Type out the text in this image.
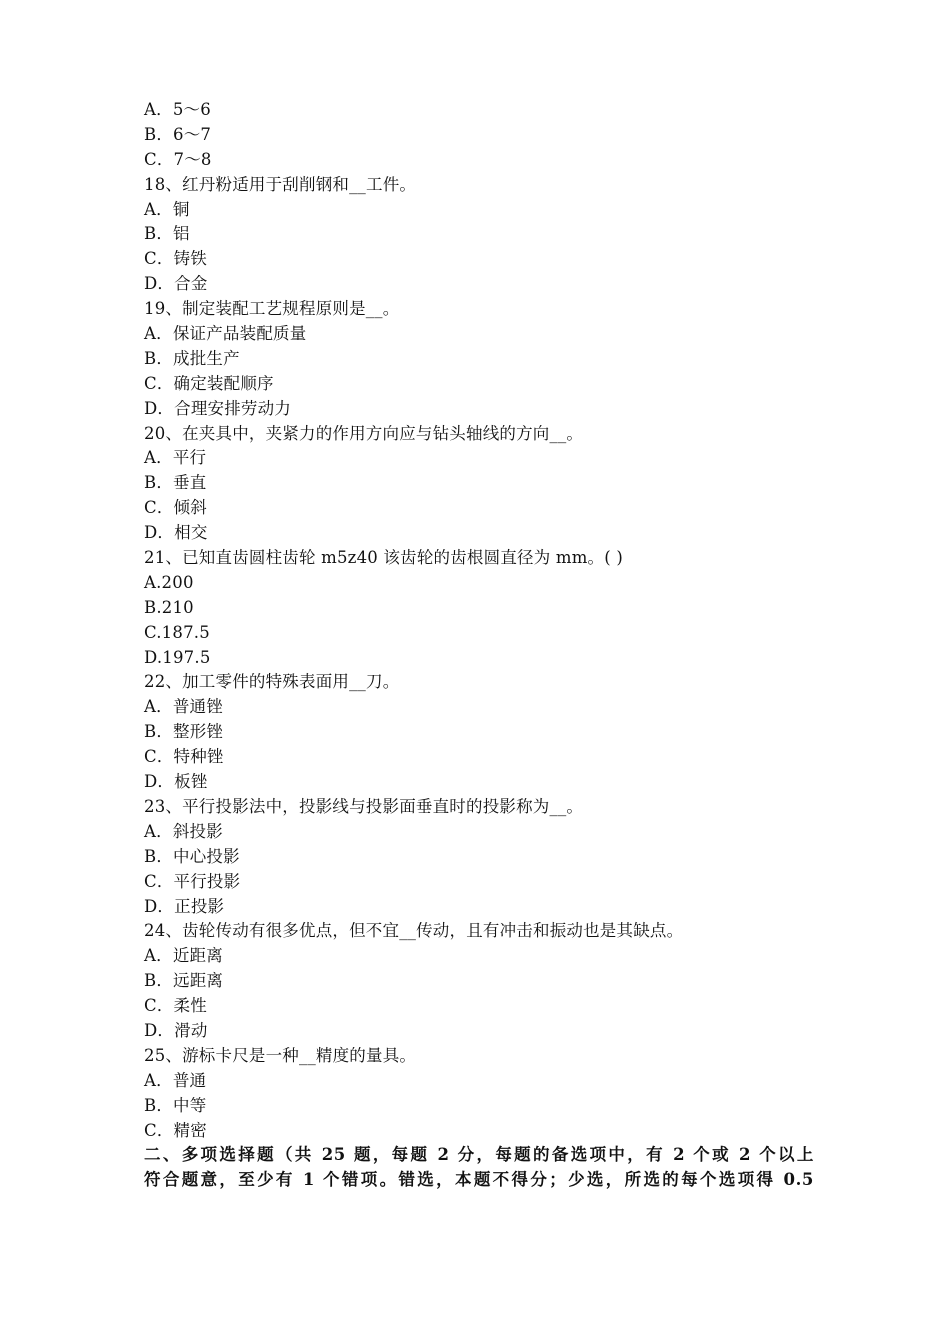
A．5～6
B．6～7
C．7～8
18、红丹粉适用于刮削钢和__工件。
A．铜
B．铝
C．铸铁
D．合金
19、制定装配工艺规程原则是__。
A．保证产品装配质量
B．成批生产
C．确定装配顺序
D．合理安排劳动力
20、在夹具中，夹紧力的作用方向应与钻头轴线的方向__。
A．平行
B．垂直
C．倾斜
D．相交
21、已知直齿圆柱齿轮 m5z40 该齿轮的齿根圆直径为 mm。( )
A.200
B.210
C.187.5
D.197.5
22、加工零件的特殊表面用__刀。
A．普通锉
B．整形锉
C．特种锉
D．板锉
23、平行投影法中，投影线与投影面垂直时的投影称为__。
A．斜投影
B．中心投影
C．平行投影
D．正投影
24、齿轮传动有很多优点，但不宜__传动，且有冲击和振动也是其缺点。
A．近距离
B．远距离
C．柔性
D．滑动
25、游标卡尺是一种__精度的量具。
A．普通
B．中等
C．精密
二、多项选择题（共 25 题，每题 2 分，每题的备选项中，有 2 个或 2 个以上
符合题意，至少有 1 个错项。错选，本题不得分；少选，所选的每个选项得 0.5
